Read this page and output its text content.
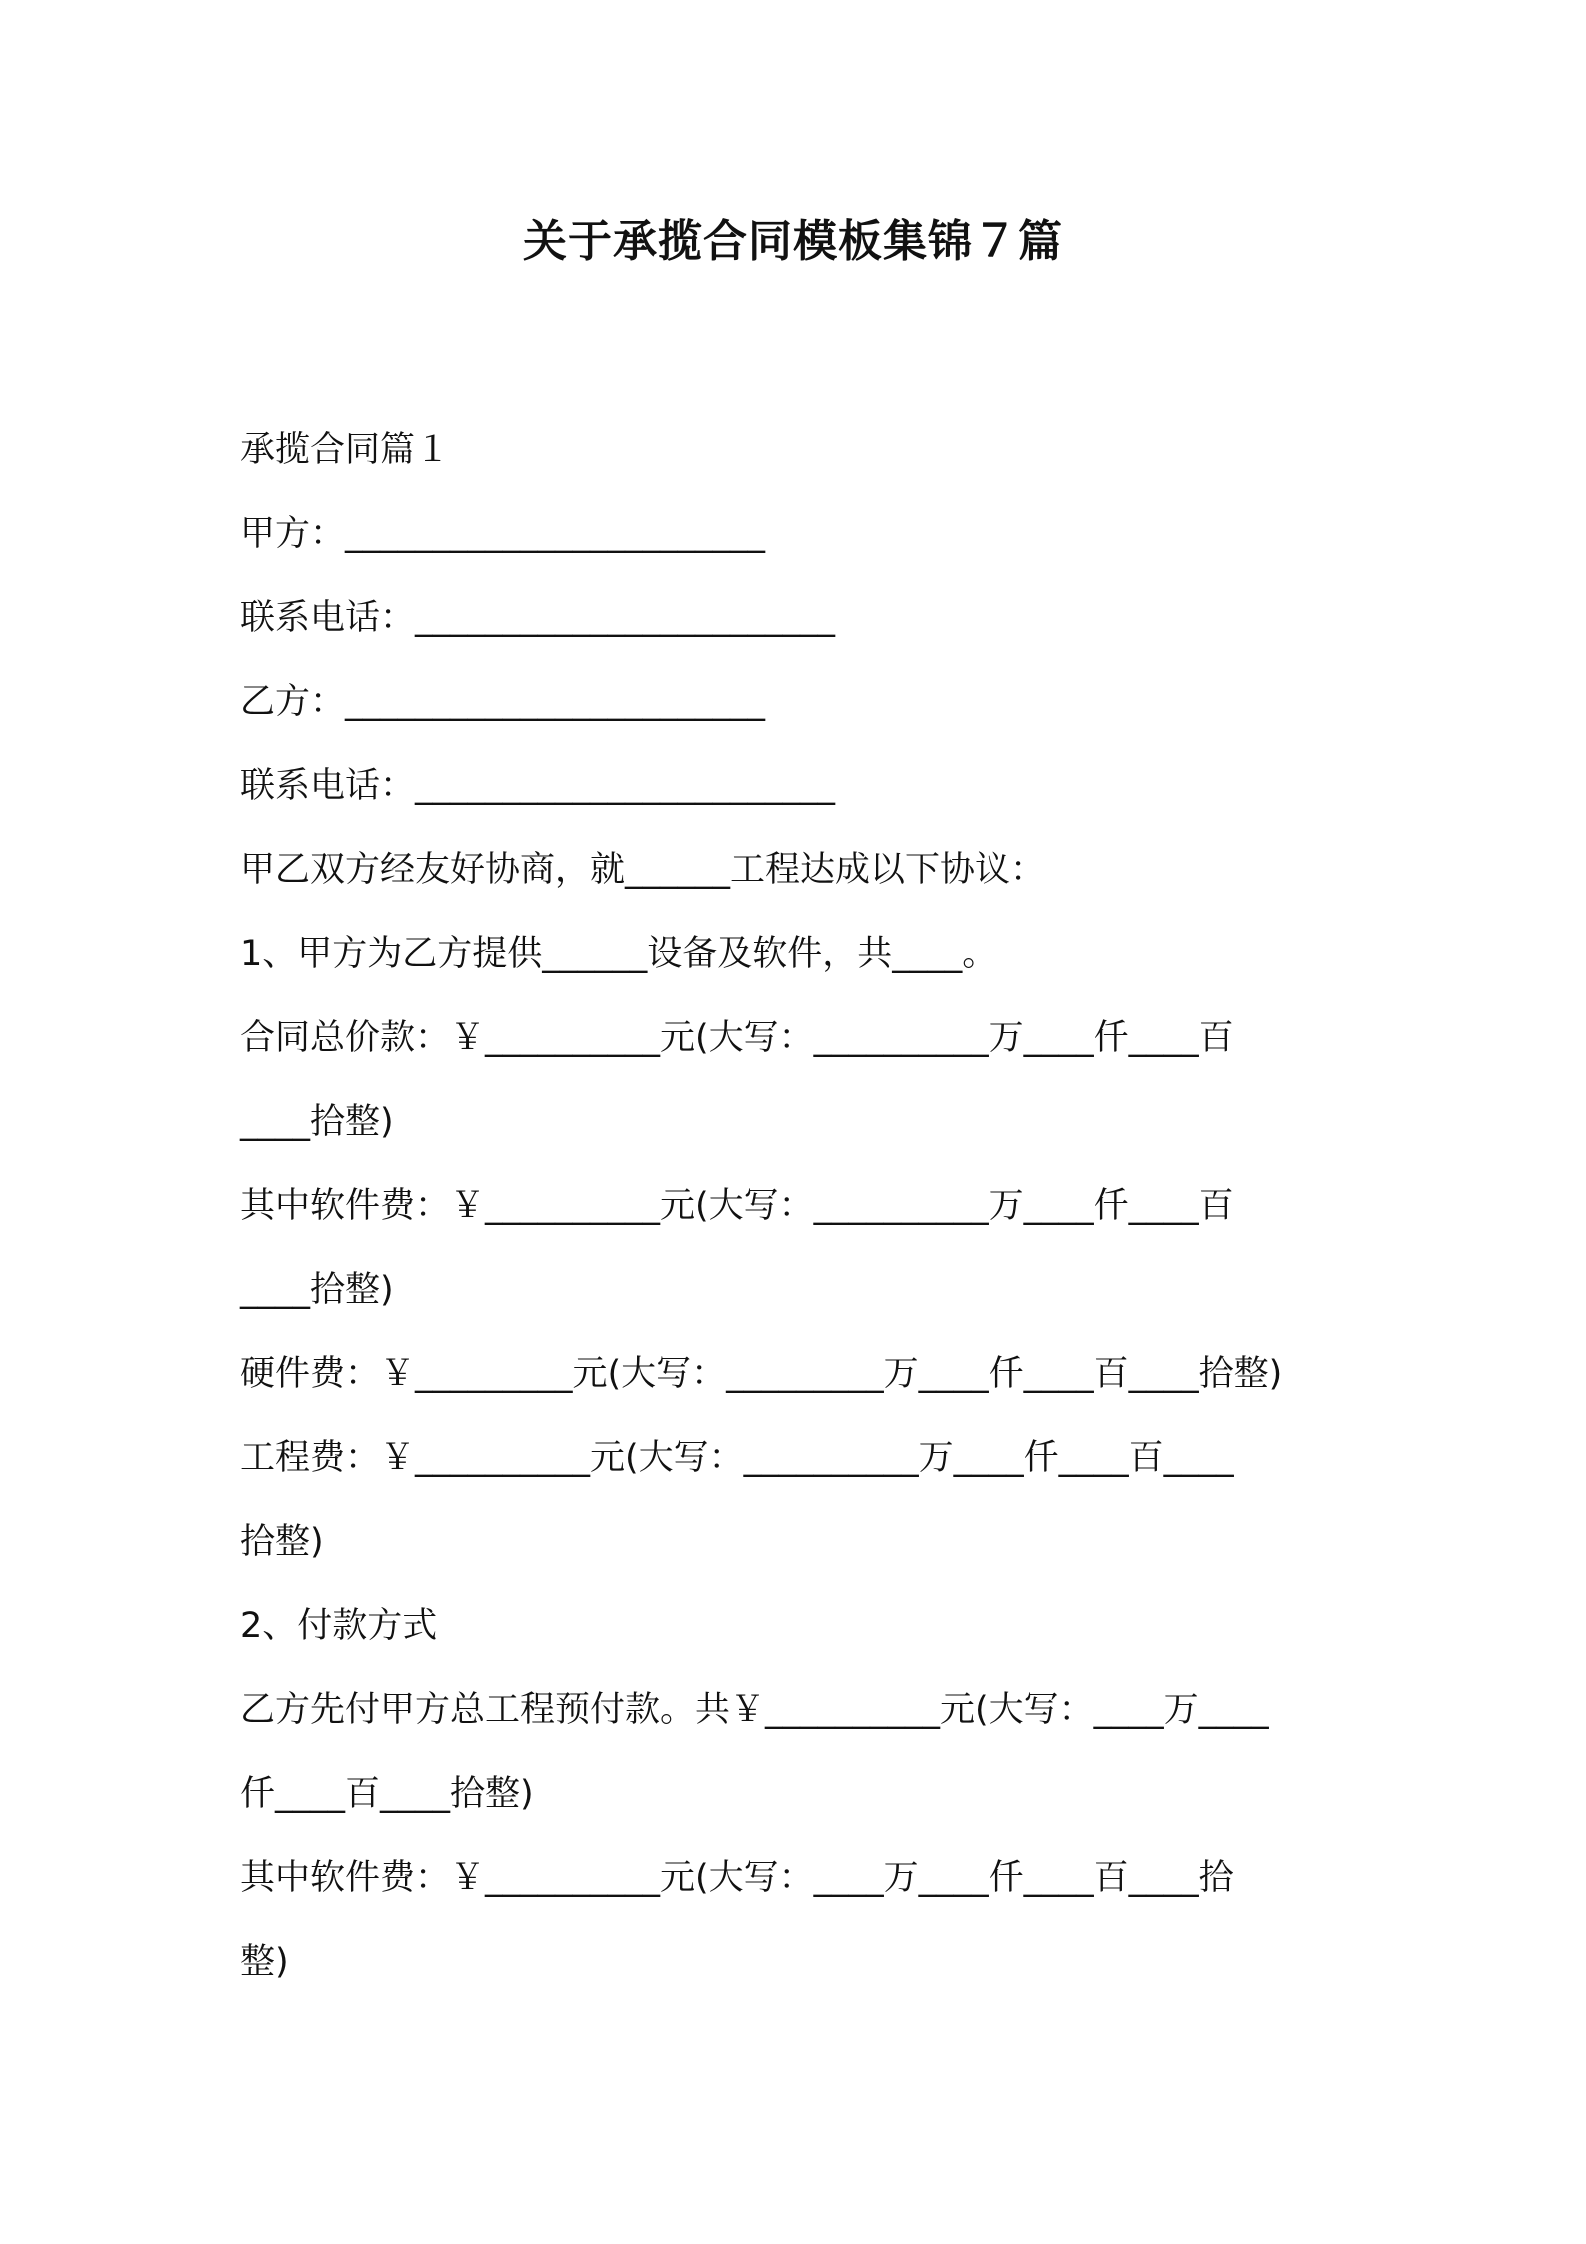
关于承揽合同模板集锦７篇
承揽合同篇１
甲方：________________________
联系电话：________________________
乙方：________________________
联系电话：________________________
甲乙双方经友好协商，就______工程达成以下协议：
1、甲方为乙方提供______设备及软件，共____。
合同总价款：￥__________元(大写：__________万____仟____百
____拾整)
其中软件费：￥__________元(大写：__________万____仟____百
____拾整)
硬件费：￥_________元(大写：_________万____仟____百____拾整)
工程费：￥__________元(大写：__________万____仟____百____
拾整)
2、付款方式
乙方先付甲方总工程预付款。共￥__________元(大写：____万____
仟____百____拾整)
其中软件费：￥__________元(大写：____万____仟____百____拾
整)
